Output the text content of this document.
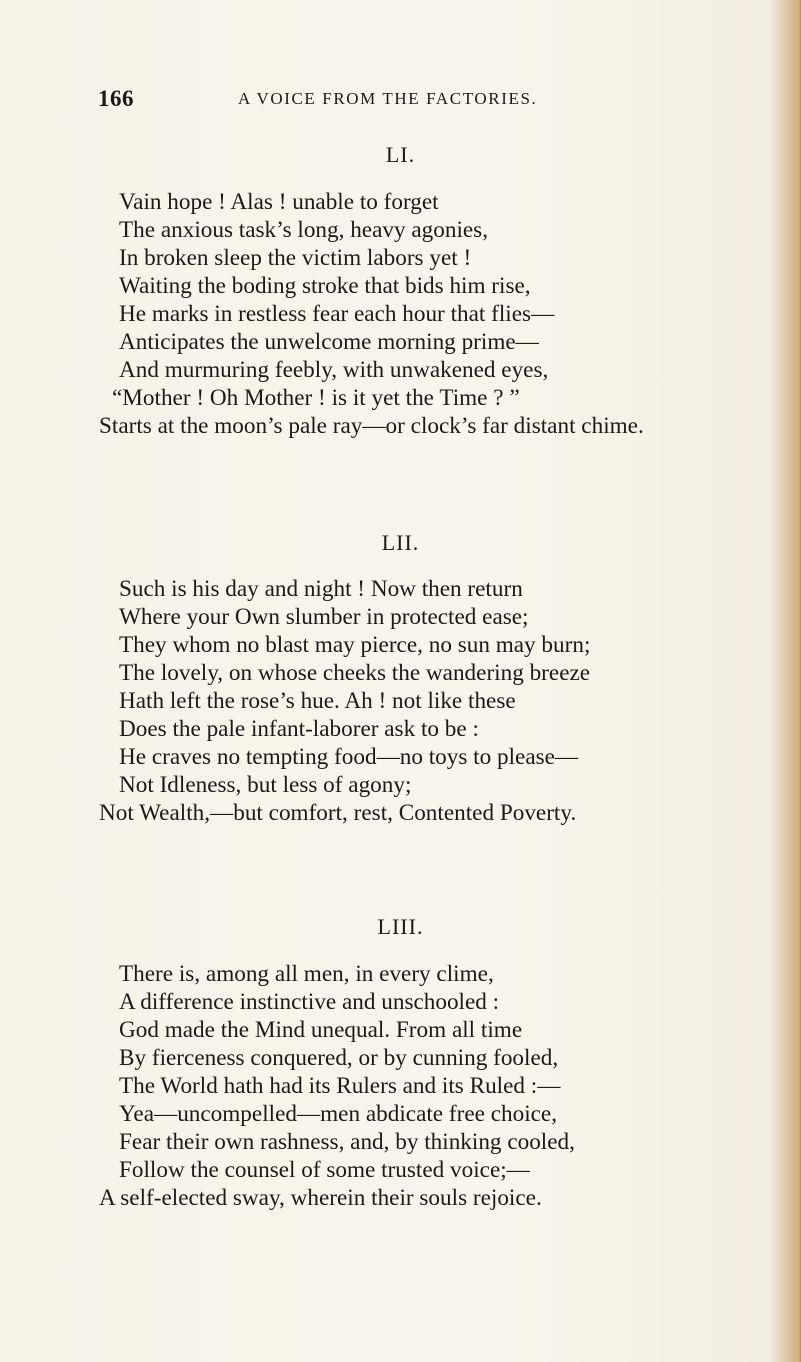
166	A VOICE FROM THE FACTORIES.
LI.
Vain hope ! Alas ! unable to forget
The anxious task’s long, heavy agonies,
In broken sleep the victim labors yet !
Waiting the boding stroke that bids him rise,
He marks in restless fear each hour that flies—
Anticipates the unwelcome morning prime—
And murmuring feebly, with unwakened eyes,
“Mother ! Oh Mother ! is it yet the Time ? ”
Starts at the moon’s pale ray—or clock’s far distant chime.
LII.
Such is his day and night ! Now then return
Where your Own slumber in protected ease;
They whom no blast may pierce, no sun may burn;
The lovely, on whose cheeks the wandering breeze
Hath left the rose’s hue. Ah ! not like these
Does the pale infant-laborer ask to be :
He craves no tempting food—no toys to please—
Not Idleness, but less of agony;
Not Wealth,—but comfort, rest, Contented Poverty.
LIII.
There is, among all men, in every clime,
A difference instinctive and unschooled :
God made the Mind unequal. From all time
By fierceness conquered, or by cunning fooled,
The World hath had its Rulers and its Ruled :—
Yea—uncompelled—men abdicate free choice,
Fear their own rashness, and, by thinking cooled,
Follow the counsel of some trusted voice;—
A self-elected sway, wherein their souls rejoice.
